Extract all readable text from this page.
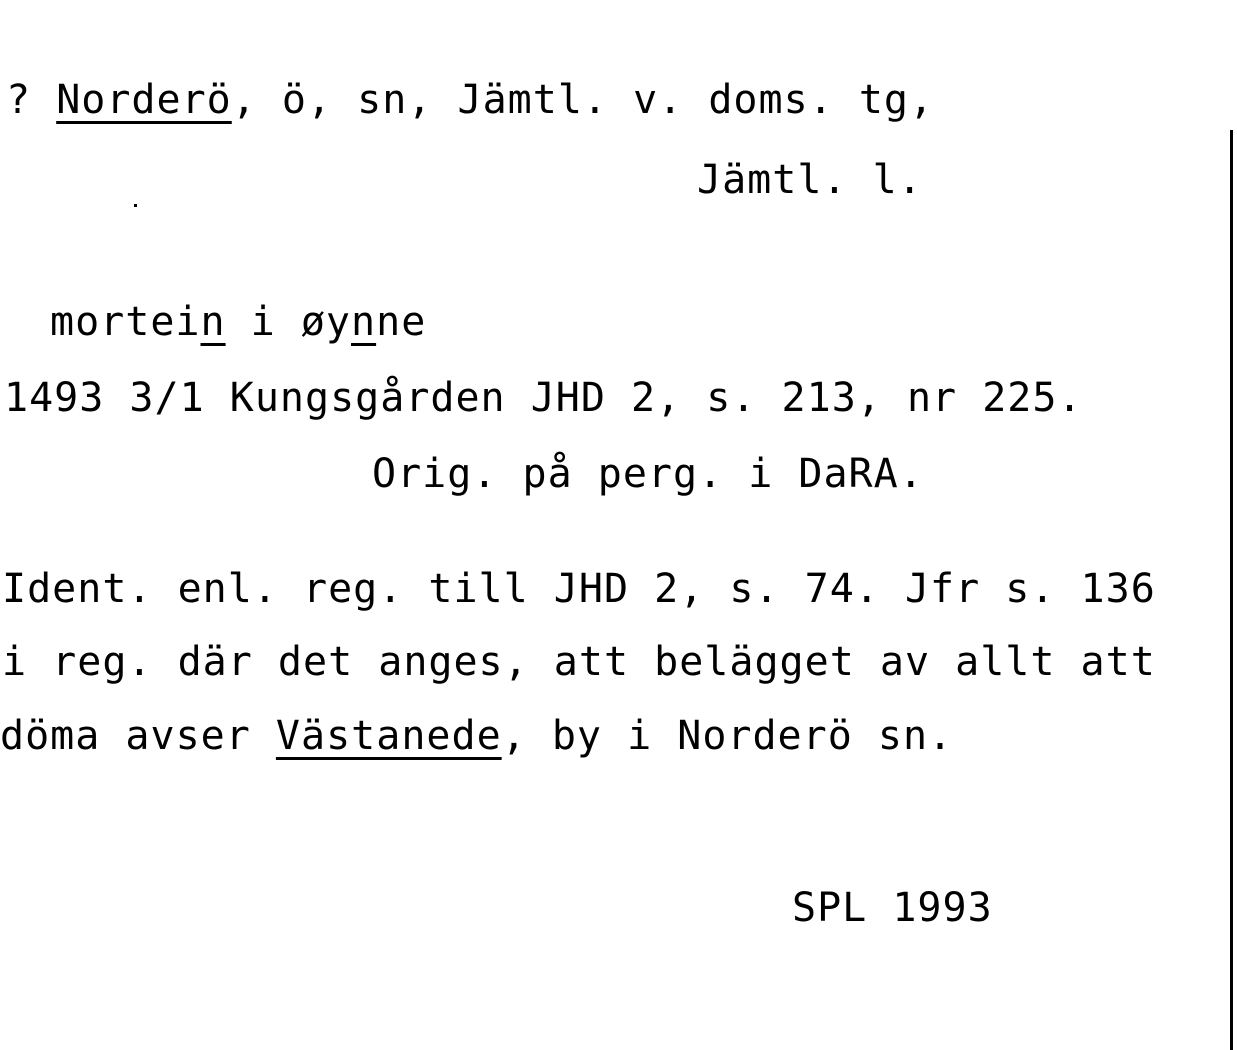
? Norderö, ö, sn, Jämtl. v. doms. tg,
Jämtl. l.
mortein i øynne
1493 3/1 Kungsgården JHD 2, s. 213, nr 225.
Orig. på perg. i DaRA.
Ident. enl. reg. till JHD 2, s. 74. Jfr s. 136
i reg. där det anges, att belägget av allt att
döma avser Västanede, by i Norderö sn.
SPL 1993
